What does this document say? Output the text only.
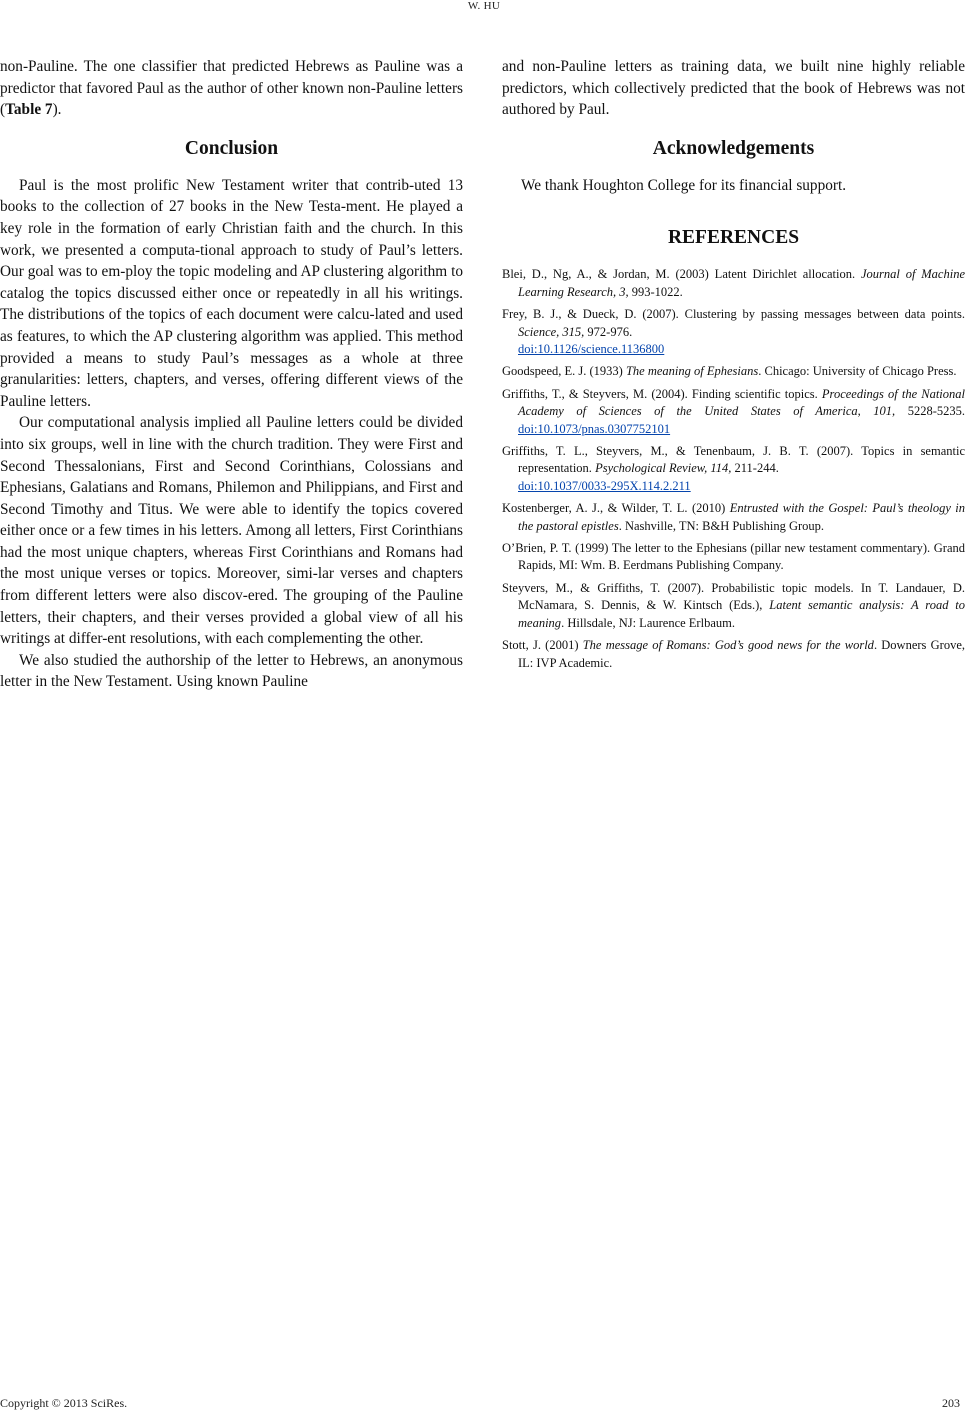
W. HU

non-Pauline. The one classifier that predicted Hebrews as Pauline was a predictor that favored Paul as the author of other known non-Pauline letters (Table 7).

Conclusion

Paul is the most prolific New Testament writer that contrib-uted 13 books to the collection of 27 books in the New Testa-ment. He played a key role in the formation of early Christian faith and the church. In this work, we presented a computa-tional approach to study of Paul’s letters. Our goal was to em-ploy the topic modeling and AP clustering algorithm to catalog the topics discussed either once or repeatedly in all his writings. The distributions of the topics of each document were calcu-lated and used as features, to which the AP clustering algorithm was applied. This method provided a means to study Paul’s messages as a whole at three granularities: letters, chapters, and verses, offering different views of the Pauline letters.

Our computational analysis implied all Pauline letters could be divided into six groups, well in line with the church tradition. They were First and Second Thessalonians, First and Second Corinthians, Colossians and Ephesians, Galatians and Romans, Philemon and Philippians, and First and Second Timothy and Titus. We were able to identify the topics covered either once or a few times in his letters. Among all letters, First Corinthians had the most unique chapters, whereas First Corinthians and Romans had the most unique verses or topics. Moreover, simi-lar verses and chapters from different letters were also discov-ered. The grouping of the Pauline letters, their chapters, and their verses provided a global view of all his writings at differ-ent resolutions, with each complementing the other.

We also studied the authorship of the letter to Hebrews, an anonymous letter in the New Testament. Using known Pauline

and non-Pauline letters as training data, we built nine highly reliable predictors, which collectively predicted that the book of Hebrews was not authored by Paul.

Acknowledgements

We thank Houghton College for its financial support.

REFERENCES
Blei, D., Ng, A., & Jordan, M. (2003) Latent Dirichlet allocation. Journal of Machine Learning Research, 3, 993-1022.
Frey, B. J., & Dueck, D. (2007). Clustering by passing messages between data points. Science, 315, 972-976.
doi:10.1126/science.1136800
Goodspeed, E. J. (1933) The meaning of Ephesians. Chicago: University of Chicago Press.
Griffiths, T., & Steyvers, M. (2004). Finding scientific topics. Proceedings of the National Academy of Sciences of the United States of America, 101, 5228-5235. doi:10.1073/pnas.0307752101
Griffiths, T. L., Steyvers, M., & Tenenbaum, J. B. T. (2007). Topics in semantic representation. Psychological Review, 114, 211-244.
doi:10.1037/0033-295X.114.2.211
Kostenberger, A. J., & Wilder, T. L. (2010) Entrusted with the Gospel: Paul’s theology in the pastoral epistles. Nashville, TN: B&H Publishing Group.
O’Brien, P. T. (1999) The letter to the Ephesians (pillar new testament commentary). Grand Rapids, MI: Wm. B. Eerdmans Publishing Company.
Steyvers, M., & Griffiths, T. (2007). Probabilistic topic models. In T. Landauer, D. McNamara, S. Dennis, & W. Kintsch (Eds.), Latent semantic analysis: A road to meaning. Hillsdale, NJ: Laurence Erlbaum.
Stott, J. (2001) The message of Romans: God’s good news for the world. Downers Grove, IL: IVP Academic.
Copyright © 2013 SciRes.	203
